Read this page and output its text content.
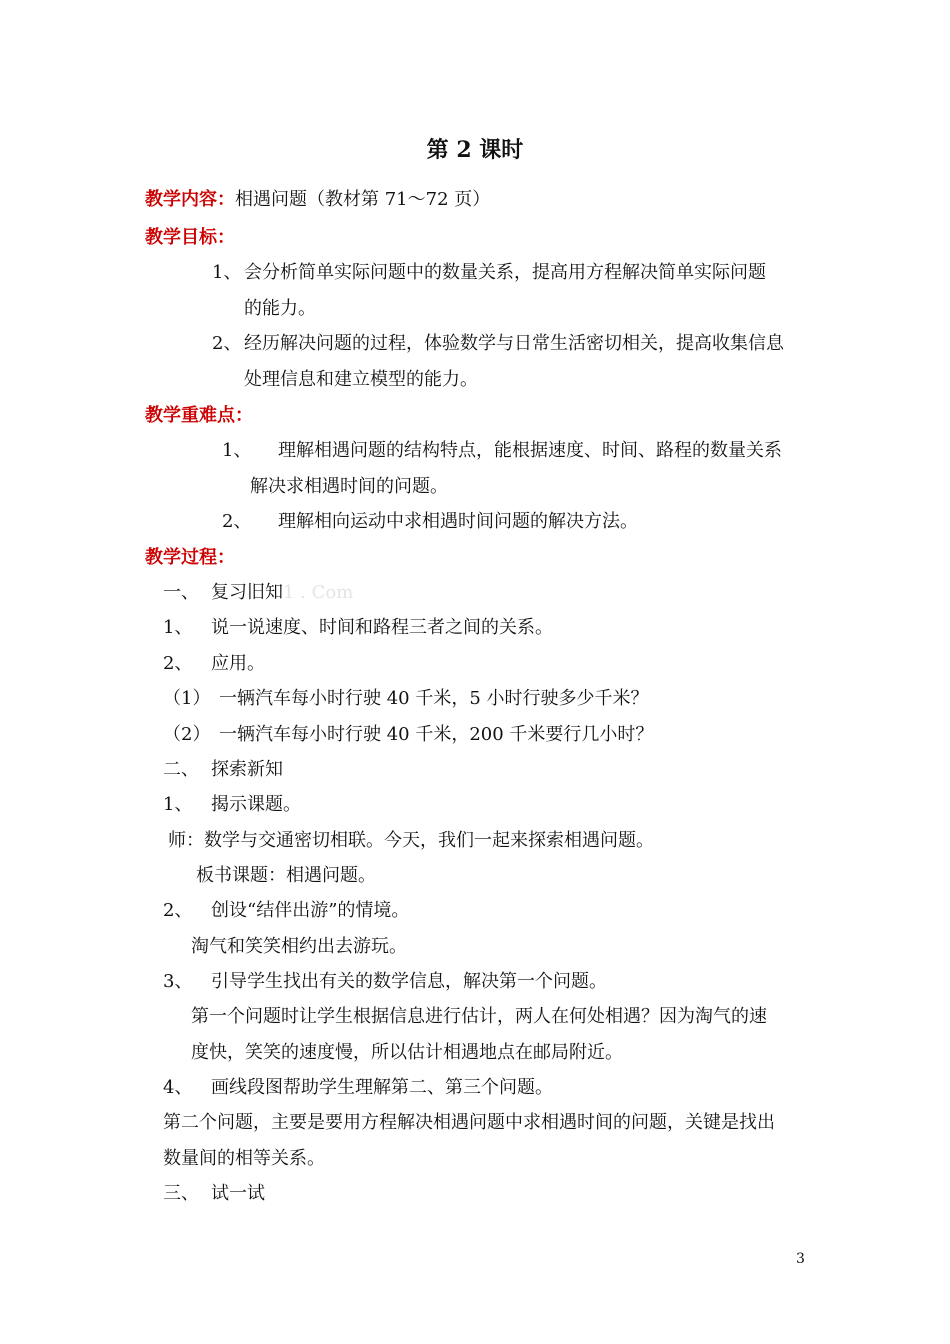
第 2 课时
教学内容：相遇问题（教材第 71～72 页）
教学目标：
1、 会分析简单实际问题中的数量关系，提高用方程解决简单实际问题
的能力。
2、 经历解决问题的过程，体验数学与日常生活密切相关，提高收集信息
处理信息和建立模型的能力。
教学重难点：
1、 理解相遇问题的结构特点，能根据速度、时间、路程的数量关系
解决求相遇时间的问题。
2、 理解相向运动中求相遇时间问题的解决方法。
教学过程：
一、 复习旧知1 . Com
1、 说一说速度、时间和路程三者之间的关系。
2、 应用。
（1） 一辆汽车每小时行驶 40 千米，5 小时行驶多少千米？
（2） 一辆汽车每小时行驶 40 千米，200 千米要行几小时？
二、 探索新知
1、 揭示课题。
师：数学与交通密切相联。今天，我们一起来探索相遇问题。
板书课题：相遇问题。
2、 创设“结伴出游”的情境。
淘气和笑笑相约出去游玩。
3、 引导学生找出有关的数学信息，解决第一个问题。
第一个问题时让学生根据信息进行估计，两人在何处相遇？因为淘气的速
度快，笑笑的速度慢，所以估计相遇地点在邮局附近。
4、 画线段图帮助学生理解第二、第三个问题。
第二个问题，主要是要用方程解决相遇问题中求相遇时间的问题，关键是找出
数量间的相等关系。
三、 试一试
3
